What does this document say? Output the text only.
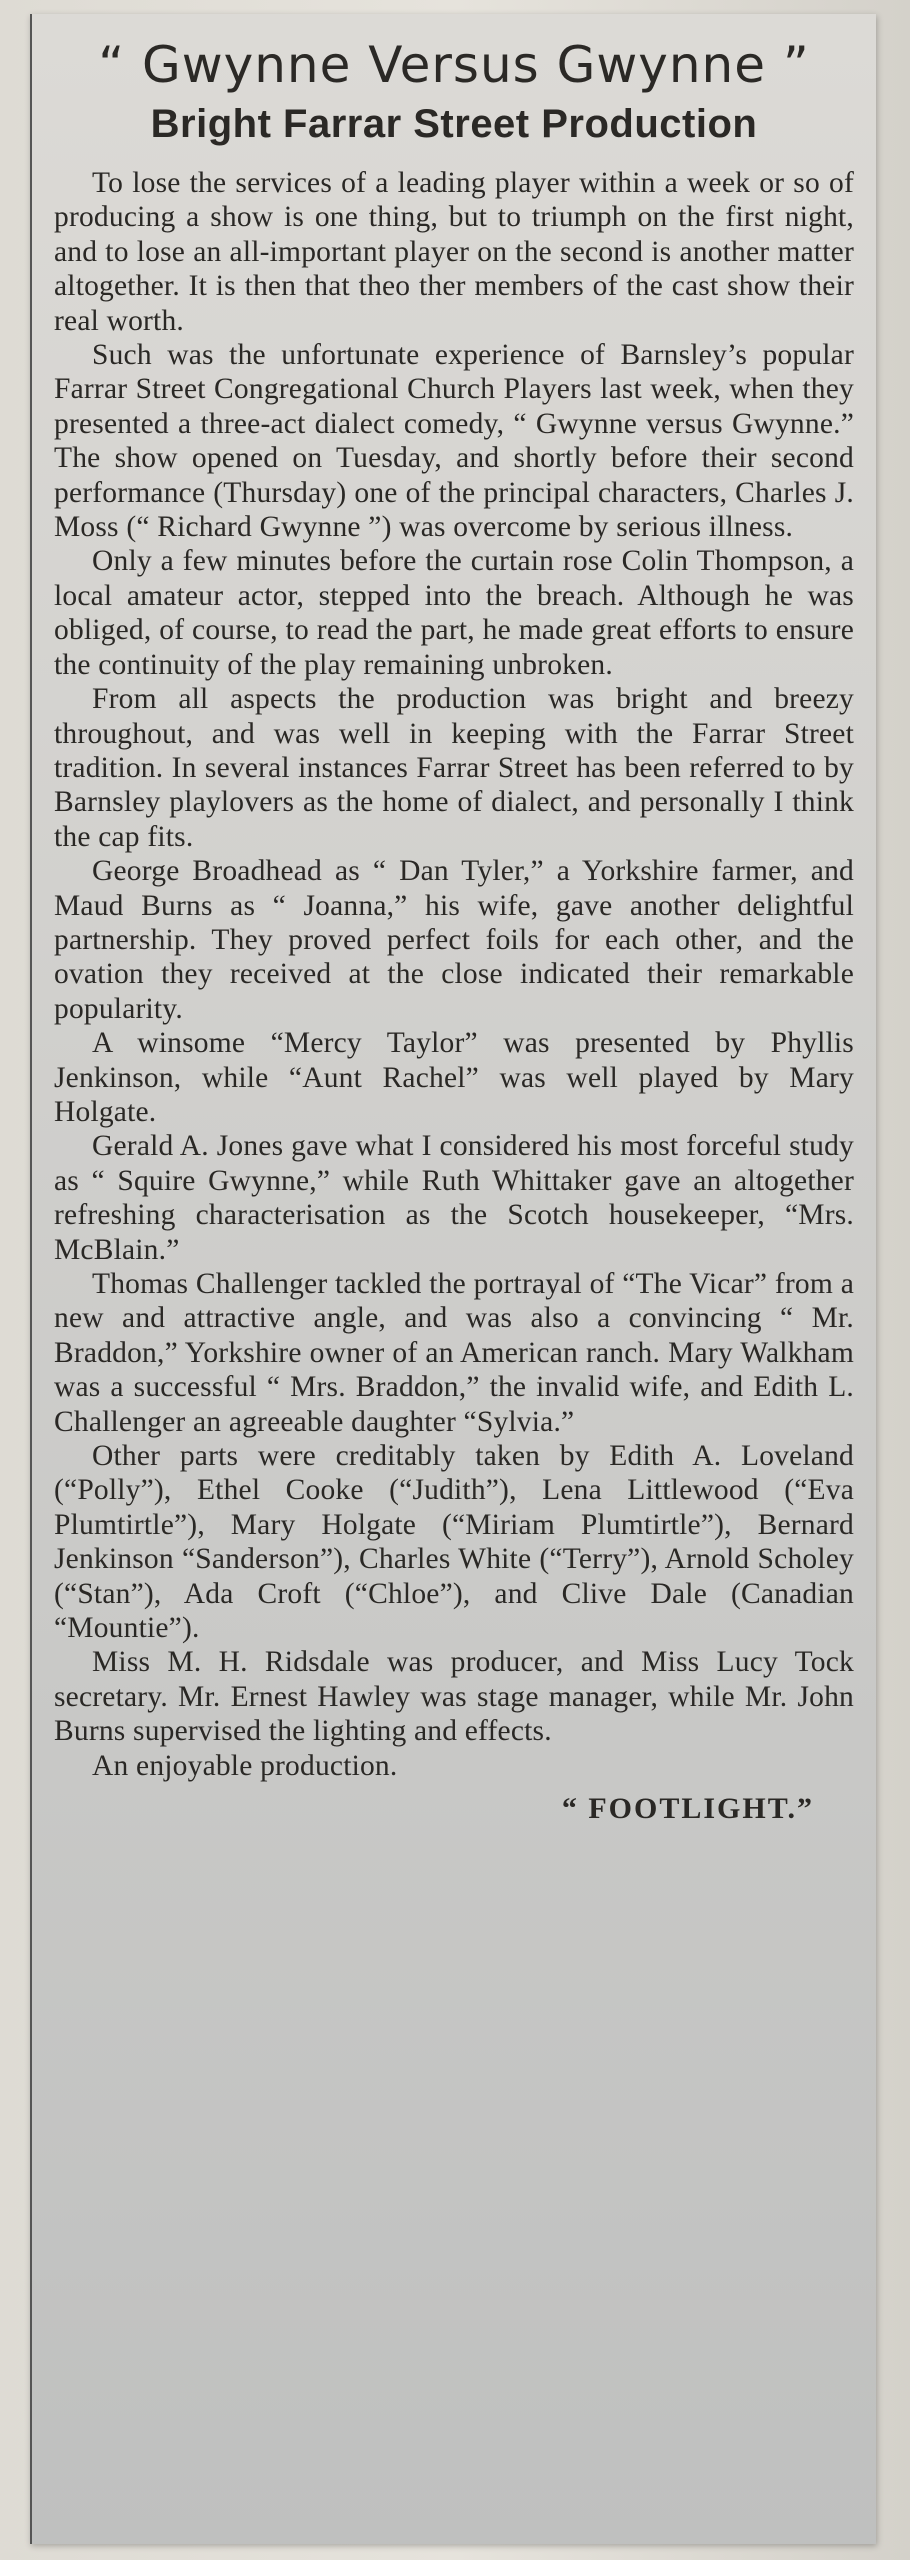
“ Gwynne Versus Gwynne ”
Bright Farrar Street Production

To lose the services of a leading player within a week or so of producing a show is one thing, but to triumph on the first night, and to lose an all-important player on the second is another matter altogether. It is then that theo ther members of the cast show their real worth.

Such was the unfortunate experience of Barnsley’s popular Farrar Street Congregational Church Players last week, when they presented a three-act dialect comedy, “ Gwynne versus Gwynne.” The show opened on Tuesday, and shortly before their second performance (Thursday) one of the principal characters, Charles J. Moss (“ Richard Gwynne ”) was overcome by serious illness.

Only a few minutes before the curtain rose Colin Thompson, a local amateur actor, stepped into the breach. Although he was obliged, of course, to read the part, he made great efforts to ensure the continuity of the play remaining unbroken.

From all aspects the production was bright and breezy throughout, and was well in keeping with the Farrar Street tradition. In several instances Farrar Street has been referred to by Barnsley playlovers as the home of dialect, and personally I think the cap fits.

George Broadhead as “ Dan Tyler,” a Yorkshire farmer, and Maud Burns as “ Joanna,” his wife, gave another delightful partnership. They proved perfect foils for each other, and the ovation they received at the close indicated their remarkable popularity.

A winsome “Mercy Taylor” was presented by Phyllis Jenkinson, while “Aunt Rachel” was well played by Mary Holgate.

Gerald A. Jones gave what I considered his most forceful study as “ Squire Gwynne,” while Ruth Whittaker gave an altogether refreshing characterisation as the Scotch housekeeper, “Mrs. McBlain.”

Thomas Challenger tackled the portrayal of “The Vicar” from a new and attractive angle, and was also a convincing “ Mr. Braddon,” Yorkshire owner of an American ranch. Mary Walkham was a successful “ Mrs. Braddon,” the invalid wife, and Edith L. Challenger an agreeable daughter “Sylvia.”

Other parts were creditably taken by Edith A. Loveland (“Polly”), Ethel Cooke (“Judith”), Lena Littlewood (“Eva Plumtirtle”), Mary Holgate (“Miriam Plumtirtle”), Bernard Jenkinson “Sanderson”), Charles White (“Terry”), Arnold Scholey (“Stan”), Ada Croft (“Chloe”), and Clive Dale (Canadian “Mountie”).

Miss M. H. Ridsdale was producer, and Miss Lucy Tock secretary. Mr. Ernest Hawley was stage manager, while Mr. John Burns supervised the lighting and effects.

An enjoyable production.

“ FOOTLIGHT.”
